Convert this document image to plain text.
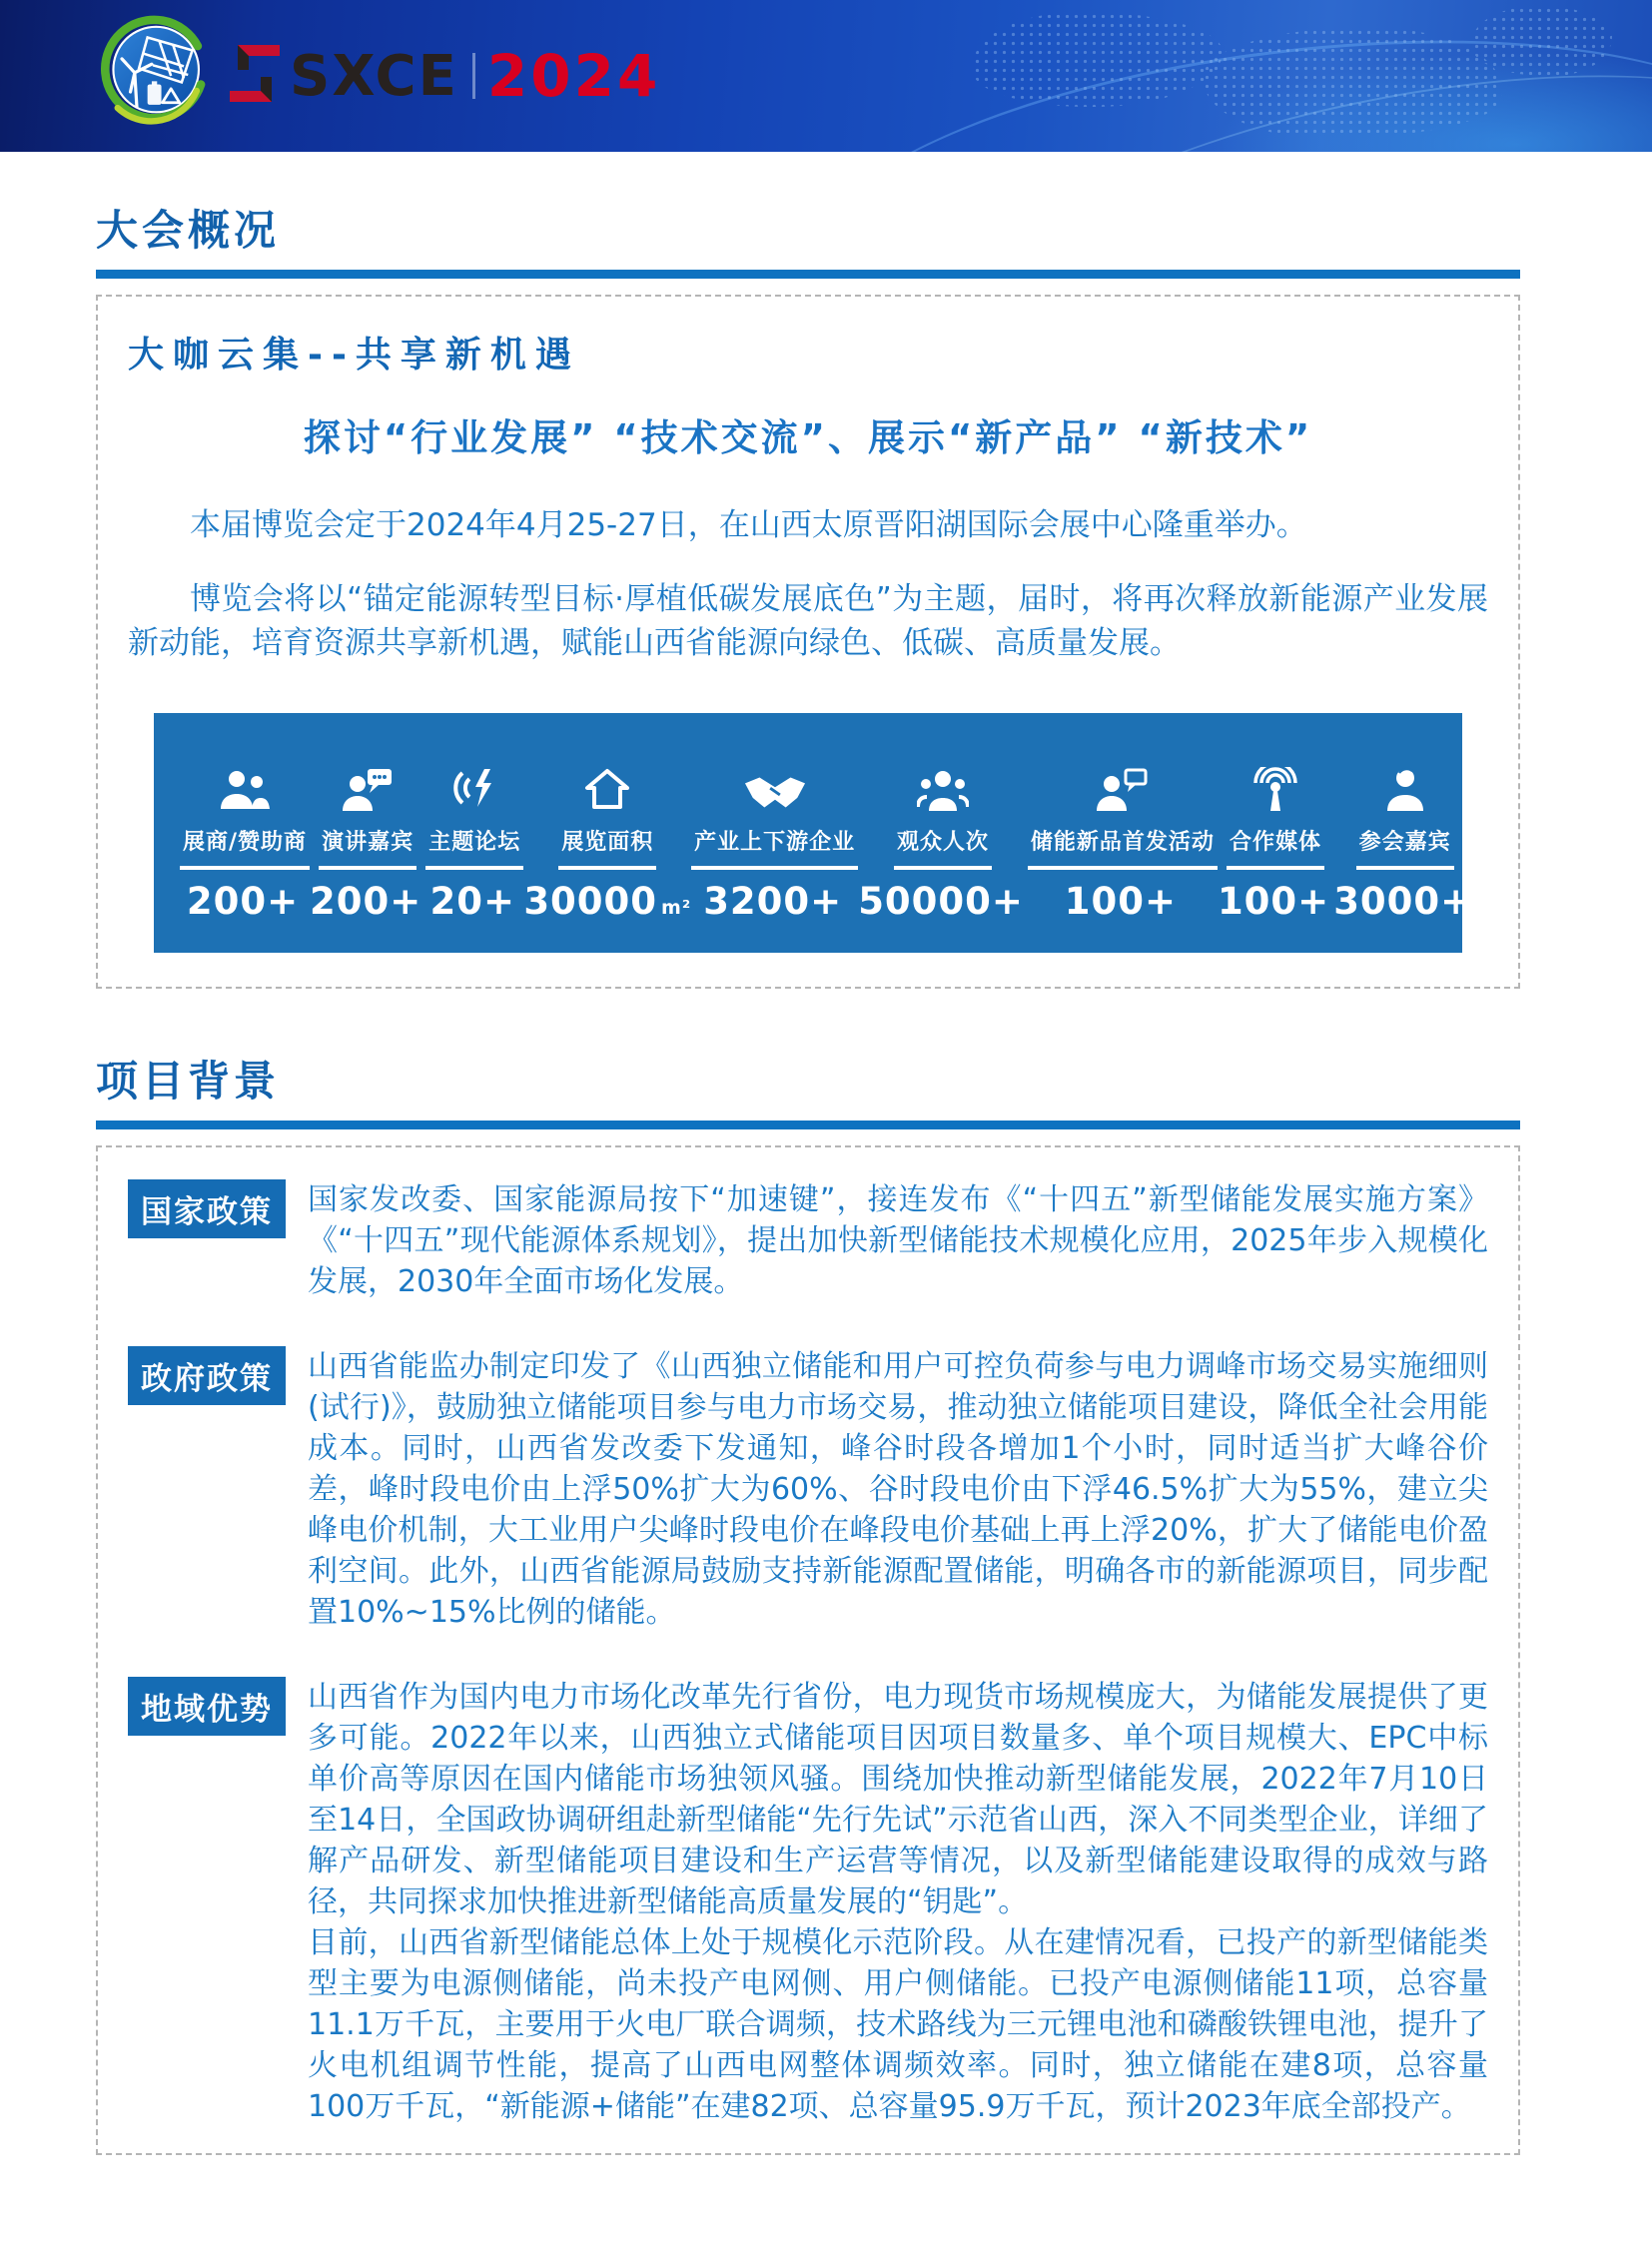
SXCE 2024
大会概况
大咖云集--共享新机遇
探讨“行业发展” “技术交流”、展示“新产品” “新技术”

本届博览会定于2024年4月25-27日，在山西太原晋阳湖国际会展中心隆重举办。

博览会将以“锚定能源转型目标·厚植低碳发展底色”为主题，届时，将再次释放新能源产业发展新动能，培育资源共享新机遇，赋能山西省能源向绿色、低碳、高质量发展。

展商/赞助商
200+
演讲嘉宾
200+
主题论坛
20+
展览面积
30000 m²
产业上下游企业
3200+
观众人次
50000+
储能新品首发活动
100+
合作媒体
100+
参会嘉宾
3000+
项目背景
国家政策	国家发改委、国家能源局按下“加速键”，接连发布《“十四五”新型储能发展实施方案》《“十四五”现代能源体系规划》，提出加快新型储能技术规模化应用，2025年步入规模化发展，2030年全面市场化发展。

政府政策	山西省能监办制定印发了《山西独立储能和用户可控负荷参与电力调峰市场交易实施细则(试行)》，鼓励独立储能项目参与电力市场交易，推动独立储能项目建设，降低全社会用能成本。同时，山西省发改委下发通知，峰谷时段各增加1个小时，同时适当扩大峰谷价差，峰时段电价由上浮50%扩大为60%、谷时段电价由下浮46.5%扩大为55%，建立尖峰电价机制，大工业用户尖峰时段电价在峰段电价基础上再上浮20%，扩大了储能电价盈利空间。此外，山西省能源局鼓励支持新能源配置储能，明确各市的新能源项目，同步配置10%~15%比例的储能。

地域优势	山西省作为国内电力市场化改革先行省份，电力现货市场规模庞大，为储能发展提供了更多可能。2022年以来，山西独立式储能项目因项目数量多、单个项目规模大、EPC中标单价高等原因在国内储能市场独领风骚。围绕加快推动新型储能发展，2022年7月10日至14日，全国政协调研组赴新型储能“先行先试”示范省山西，深入不同类型企业，详细了解产品研发、新型储能项目建设和生产运营等情况，以及新型储能建设取得的成效与路径，共同探求加快推进新型储能高质量发展的“钥匙”。

目前，山西省新型储能总体上处于规模化示范阶段。从在建情况看，已投产的新型储能类型主要为电源侧储能，尚未投产电网侧、用户侧储能。已投产电源侧储能11项，总容量11.1万千瓦，主要用于火电厂联合调频，技术路线为三元锂电池和磷酸铁锂电池，提升了火电机组调节性能，提高了山西电网整体调频效率。同时，独立储能在建8项，总容量100万千瓦，“新能源+储能”在建82项、总容量95.9万千瓦，预计2023年底全部投产。
